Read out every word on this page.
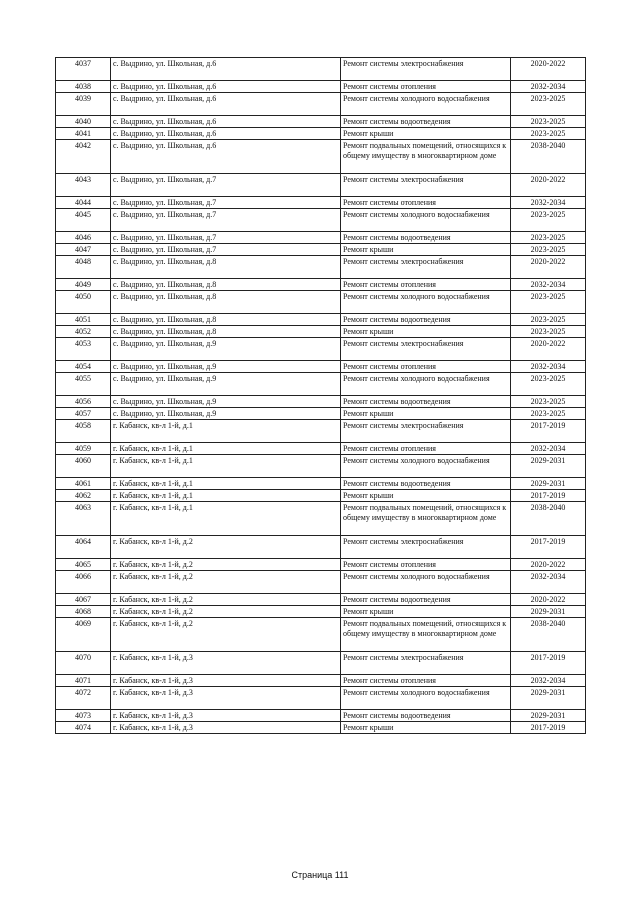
4037	с. Выдрино, ул. Школьная, д.6	Ремонт системы электроснабжения	2020-2022
4038	с. Выдрино, ул. Школьная, д.6	Ремонт системы отопления	2032-2034
4039	с. Выдрино, ул. Школьная, д.6	Ремонт системы холодного водоснабжения	2023-2025
4040	с. Выдрино, ул. Школьная, д.6	Ремонт системы водоотведения	2023-2025
4041	с. Выдрино, ул. Школьная, д.6	Ремонт крыши	2023-2025
4042	с. Выдрино, ул. Школьная, д.6	Ремонт подвальных помещений, относящихся к общему имуществу в многоквартирном доме	2038-2040
4043	с. Выдрино, ул. Школьная, д.7	Ремонт системы электроснабжения	2020-2022
4044	с. Выдрино, ул. Школьная, д.7	Ремонт системы отопления	2032-2034
4045	с. Выдрино, ул. Школьная, д.7	Ремонт системы холодного водоснабжения	2023-2025
4046	с. Выдрино, ул. Школьная, д.7	Ремонт системы водоотведения	2023-2025
4047	с. Выдрино, ул. Школьная, д.7	Ремонт крыши	2023-2025
4048	с. Выдрино, ул. Школьная, д.8	Ремонт системы электроснабжения	2020-2022
4049	с. Выдрино, ул. Школьная, д.8	Ремонт системы отопления	2032-2034
4050	с. Выдрино, ул. Школьная, д.8	Ремонт системы холодного водоснабжения	2023-2025
4051	с. Выдрино, ул. Школьная, д.8	Ремонт системы водоотведения	2023-2025
4052	с. Выдрино, ул. Школьная, д.8	Ремонт крыши	2023-2025
4053	с. Выдрино, ул. Школьная, д.9	Ремонт системы электроснабжения	2020-2022
4054	с. Выдрино, ул. Школьная, д.9	Ремонт системы отопления	2032-2034
4055	с. Выдрино, ул. Школьная, д.9	Ремонт системы холодного водоснабжения	2023-2025
4056	с. Выдрино, ул. Школьная, д.9	Ремонт системы водоотведения	2023-2025
4057	с. Выдрино, ул. Школьная, д.9	Ремонт крыши	2023-2025
4058	г. Кабанск, кв-л 1-й, д.1	Ремонт системы электроснабжения	2017-2019
4059	г. Кабанск, кв-л 1-й, д.1	Ремонт системы отопления	2032-2034
4060	г. Кабанск, кв-л 1-й, д.1	Ремонт системы холодного водоснабжения	2029-2031
4061	г. Кабанск, кв-л 1-й, д.1	Ремонт системы водоотведения	2029-2031
4062	г. Кабанск, кв-л 1-й, д.1	Ремонт крыши	2017-2019
4063	г. Кабанск, кв-л 1-й, д.1	Ремонт подвальных помещений, относящихся к общему имуществу в многоквартирном доме	2038-2040
4064	г. Кабанск, кв-л 1-й, д.2	Ремонт системы электроснабжения	2017-2019
4065	г. Кабанск, кв-л 1-й, д.2	Ремонт системы отопления	2020-2022
4066	г. Кабанск, кв-л 1-й, д.2	Ремонт системы холодного водоснабжения	2032-2034
4067	г. Кабанск, кв-л 1-й, д.2	Ремонт системы водоотведения	2020-2022
4068	г. Кабанск, кв-л 1-й, д.2	Ремонт крыши	2029-2031
4069	г. Кабанск, кв-л 1-й, д.2	Ремонт подвальных помещений, относящихся к общему имуществу в многоквартирном доме	2038-2040
4070	г. Кабанск, кв-л 1-й, д.3	Ремонт системы электроснабжения	2017-2019
4071	г. Кабанск, кв-л 1-й, д.3	Ремонт системы отопления	2032-2034
4072	г. Кабанск, кв-л 1-й, д.3	Ремонт системы холодного водоснабжения	2029-2031
4073	г. Кабанск, кв-л 1-й, д.3	Ремонт системы водоотведения	2029-2031
4074	г. Кабанск, кв-л 1-й, д.3	Ремонт крыши	2017-2019
Страница 111
